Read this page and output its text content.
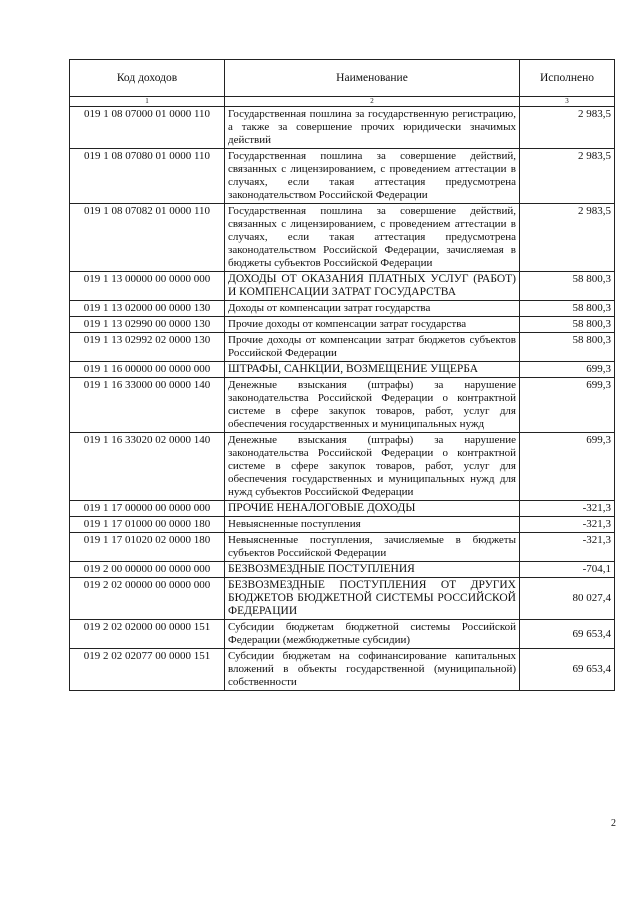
Код доходов	Наименование	Исполнено
1	2	3
019 1 08 07000 01 0000 110	Государственная пошлина за государственную регистрацию, а также за совершение прочих юридически значимых действий	2 983,5
019 1 08 07080 01 0000 110	Государственная пошлина за совершение действий, связанных с лицензированием, с проведением аттестации в случаях, если такая аттестация предусмотрена законодательством Российской Федерации	2 983,5
019 1 08 07082 01 0000 110	Государственная пошлина за совершение действий, связанных с лицензированием, с проведением аттестации в случаях, если такая аттестация предусмотрена законодательством Российской Федерации, зачисляемая в бюджеты субъектов Российской Федерации	2 983,5
019 1 13 00000 00 0000 000	ДОХОДЫ ОТ ОКАЗАНИЯ ПЛАТНЫХ УСЛУГ (РАБОТ) И КОМПЕНСАЦИИ ЗАТРАТ ГОСУДАРСТВА	58 800,3
019 1 13 02000 00 0000 130	Доходы от компенсации затрат государства	58 800,3
019 1 13 02990 00 0000 130	Прочие доходы от компенсации затрат государства	58 800,3
019 1 13 02992 02 0000 130	Прочие доходы от компенсации затрат бюджетов субъектов Российской Федерации	58 800,3
019 1 16 00000 00 0000 000	ШТРАФЫ, САНКЦИИ, ВОЗМЕЩЕНИЕ УЩЕРБА	699,3
019 1 16 33000 00 0000 140	Денежные взыскания (штрафы) за нарушение законодательства Российской Федерации о контрактной системе в сфере закупок товаров, работ, услуг для обеспечения государственных и муниципальных нужд	699,3
019 1 16 33020 02 0000 140	Денежные взыскания (штрафы) за нарушение законодательства Российской Федерации о контрактной системе в сфере закупок товаров, работ, услуг для обеспечения государственных и муниципальных нужд для нужд субъектов Российской Федерации	699,3
019 1 17 00000 00 0000 000	ПРОЧИЕ НЕНАЛОГОВЫЕ ДОХОДЫ	-321,3
019 1 17 01000 00 0000 180	Невыясненные поступления	-321,3
019 1 17 01020 02 0000 180	Невыясненные поступления, зачисляемые в бюджеты субъектов Российской Федерации	-321,3
019 2 00 00000 00 0000 000	БЕЗВОЗМЕЗДНЫЕ ПОСТУПЛЕНИЯ	-704,1
019 2 02 00000 00 0000 000	БЕЗВОЗМЕЗДНЫЕ ПОСТУПЛЕНИЯ ОТ ДРУГИХ БЮДЖЕТОВ БЮДЖЕТНОЙ СИСТЕМЫ РОССИЙСКОЙ ФЕДЕРАЦИИ	80 027,4
019 2 02 02000 00 0000 151	Субсидии бюджетам бюджетной системы Российской Федерации (межбюджетные субсидии)	69 653,4
019 2 02 02077 00 0000 151	Субсидии бюджетам на софинансирование капитальных вложений в объекты государственной (муниципальной) собственности	69 653,4
2
